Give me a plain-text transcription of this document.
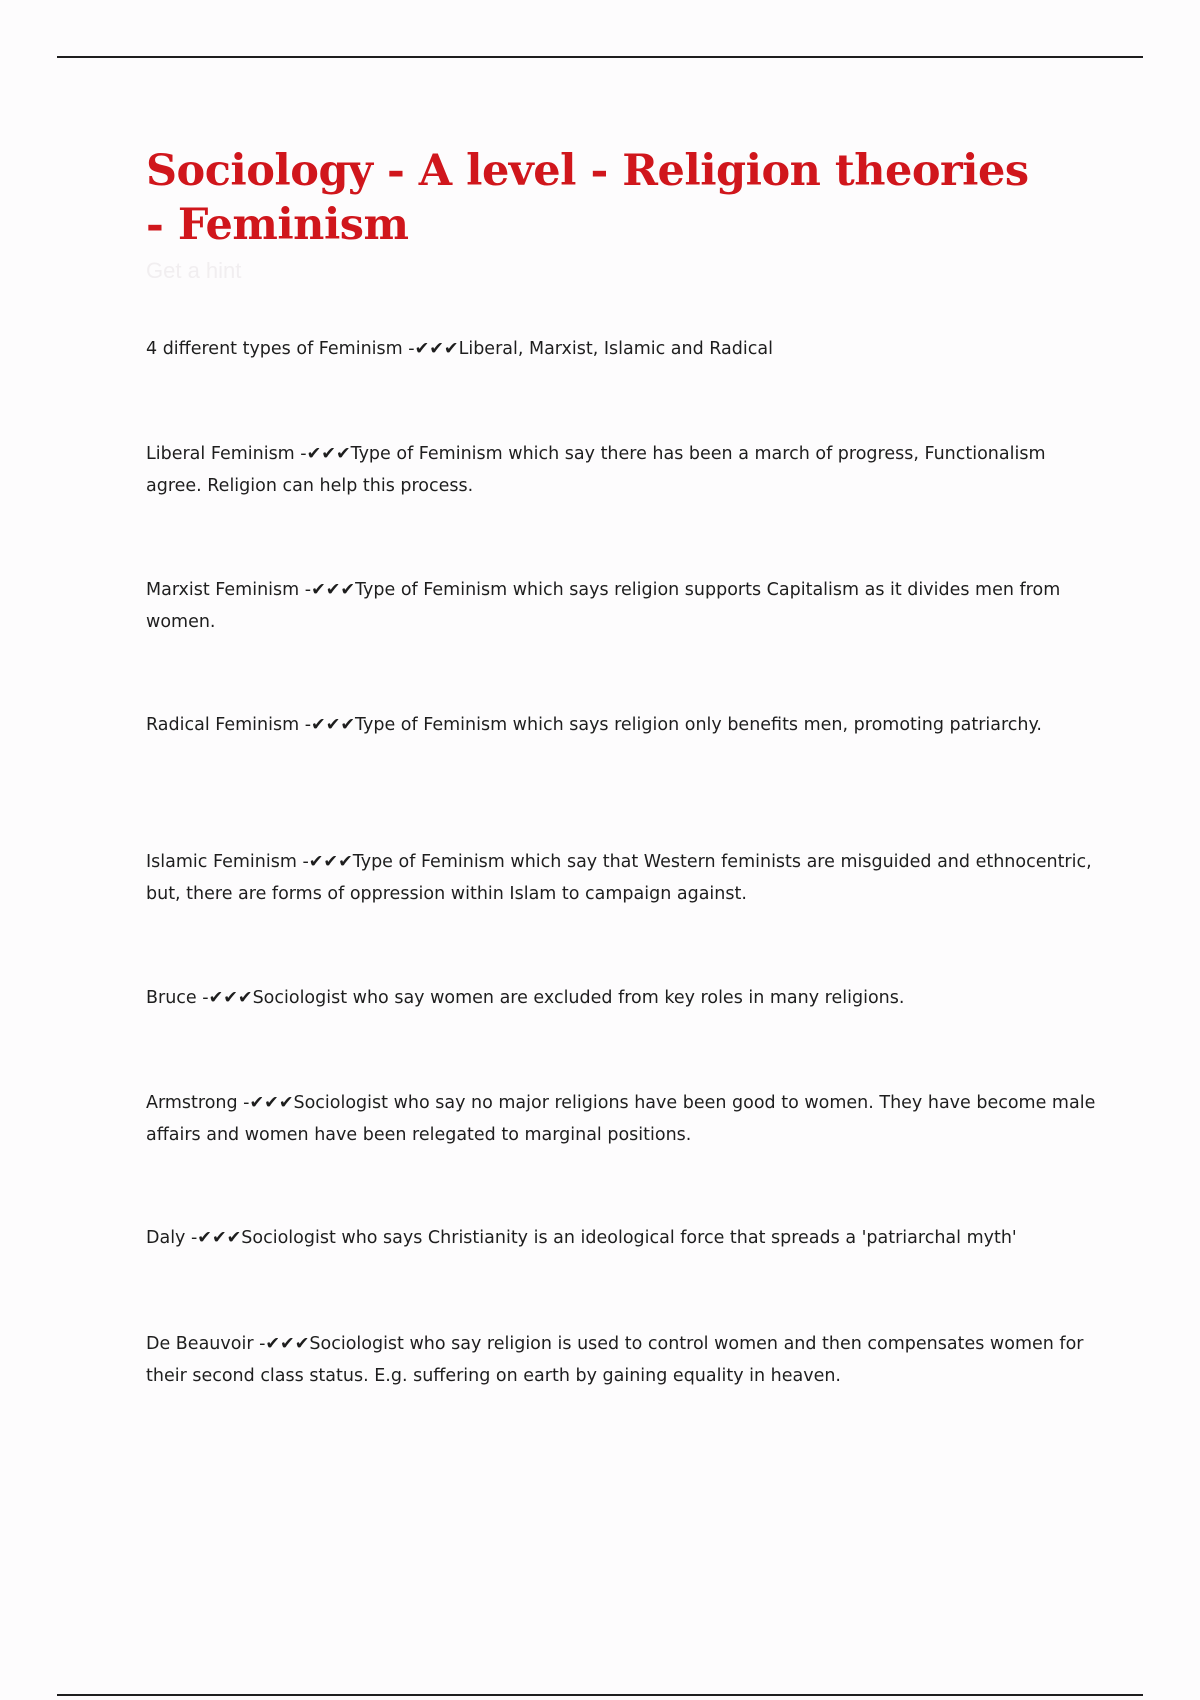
Sociology - A level - Religion theories - Feminism

Get a hint

4 different types of Feminism -✔✔✔Liberal, Marxist, Islamic and Radical

Liberal Feminism -✔✔✔Type of Feminism which say there has been a march of progress, Functionalism agree. Religion can help this process.

Marxist Feminism -✔✔✔Type of Feminism which says religion supports Capitalism as it divides men from women.

Radical Feminism -✔✔✔Type of Feminism which says religion only benefits men, promoting patriarchy.

Islamic Feminism -✔✔✔Type of Feminism which say that Western feminists are misguided and ethnocentric, but, there are forms of oppression within Islam to campaign against.

Bruce -✔✔✔Sociologist who say women are excluded from key roles in many religions.

Armstrong -✔✔✔Sociologist who say no major religions have been good to women. They have become male affairs and women have been relegated to marginal positions.

Daly -✔✔✔Sociologist who says Christianity is an ideological force that spreads a 'patriarchal myth'

De Beauvoir -✔✔✔Sociologist who say religion is used to control women and then compensates women for their second class status. E.g. suffering on earth by gaining equality in heaven.
